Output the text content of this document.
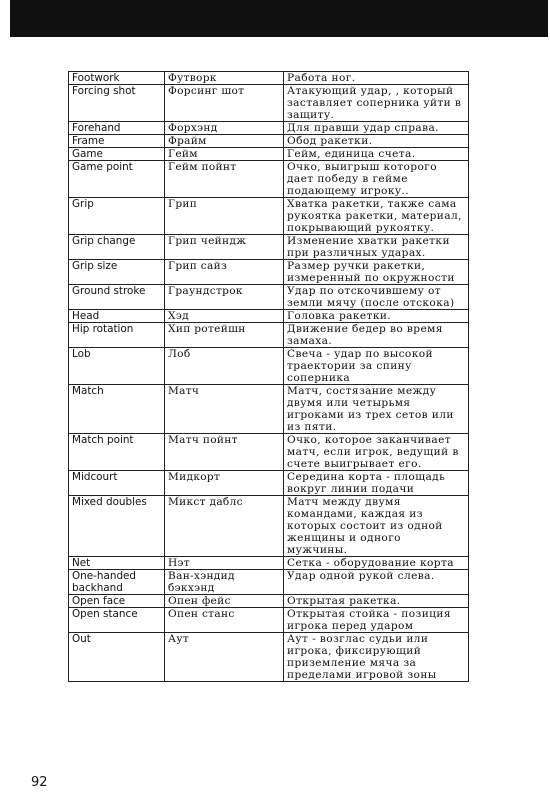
Footwork	Футворк	Работа ног.
Forcing shot	Форсинг шот	Атакующий удар, , который заставляет соперника уйти в защиту.
Forehand	Форхэнд	Для правши удар справа.
Frame	Фрайм	Обод ракетки.
Game	Гейм	Гейм, единица счета.
Game point	Гейм пойнт	Очко, выигрыш которого дает победу в гейме подающему игроку..
Grip	Грип	Хватка ракетки, также сама рукоятка ракетки, материал, покрывающий рукоятку.
Grip change	Грип чейндж	Изменение хватки ракетки при различных ударах.
Grip size	Грип сайз	Размер ручки ракетки, измеренный по окружности
Ground stroke	Граундстрок	Удар по отскочившему от земли мячу (после отскока)
Head	Хэд	Головка ракетки.
Hip rotation	Хип ротейшн	Движение бедер во время замаха.
Lob	Лоб	Свеча - удар по высокой траектории за спину соперника
Match	Матч	Матч, состязание между двумя или четырьмя игроками из трех сетов или из пяти.
Match point	Матч пойнт	Очко, которое заканчивает матч, если игрок, ведущий в счете выигрывает его.
Midcourt	Мидкорт	Середина корта - площадь вокруг линии подачи
Mixed doubles	Микст даблс	Матч между двумя командами, каждая из которых состоит из одной женщины и одного мужчины.
Net	Нэт	Сетка - оборудование корта
One-handed backhand	Ван-хэндид бэкхэнд	Удар одной рукой слева.
Open face	Опен фейс	Открытая ракетка.
Open stance	Опен станс	Открытая стойка - позиция игрока перед ударом
Out	Аут	Аут - возглас судьи или игрока, фиксирующий приземление мяча за пределами игровой зоны
92
